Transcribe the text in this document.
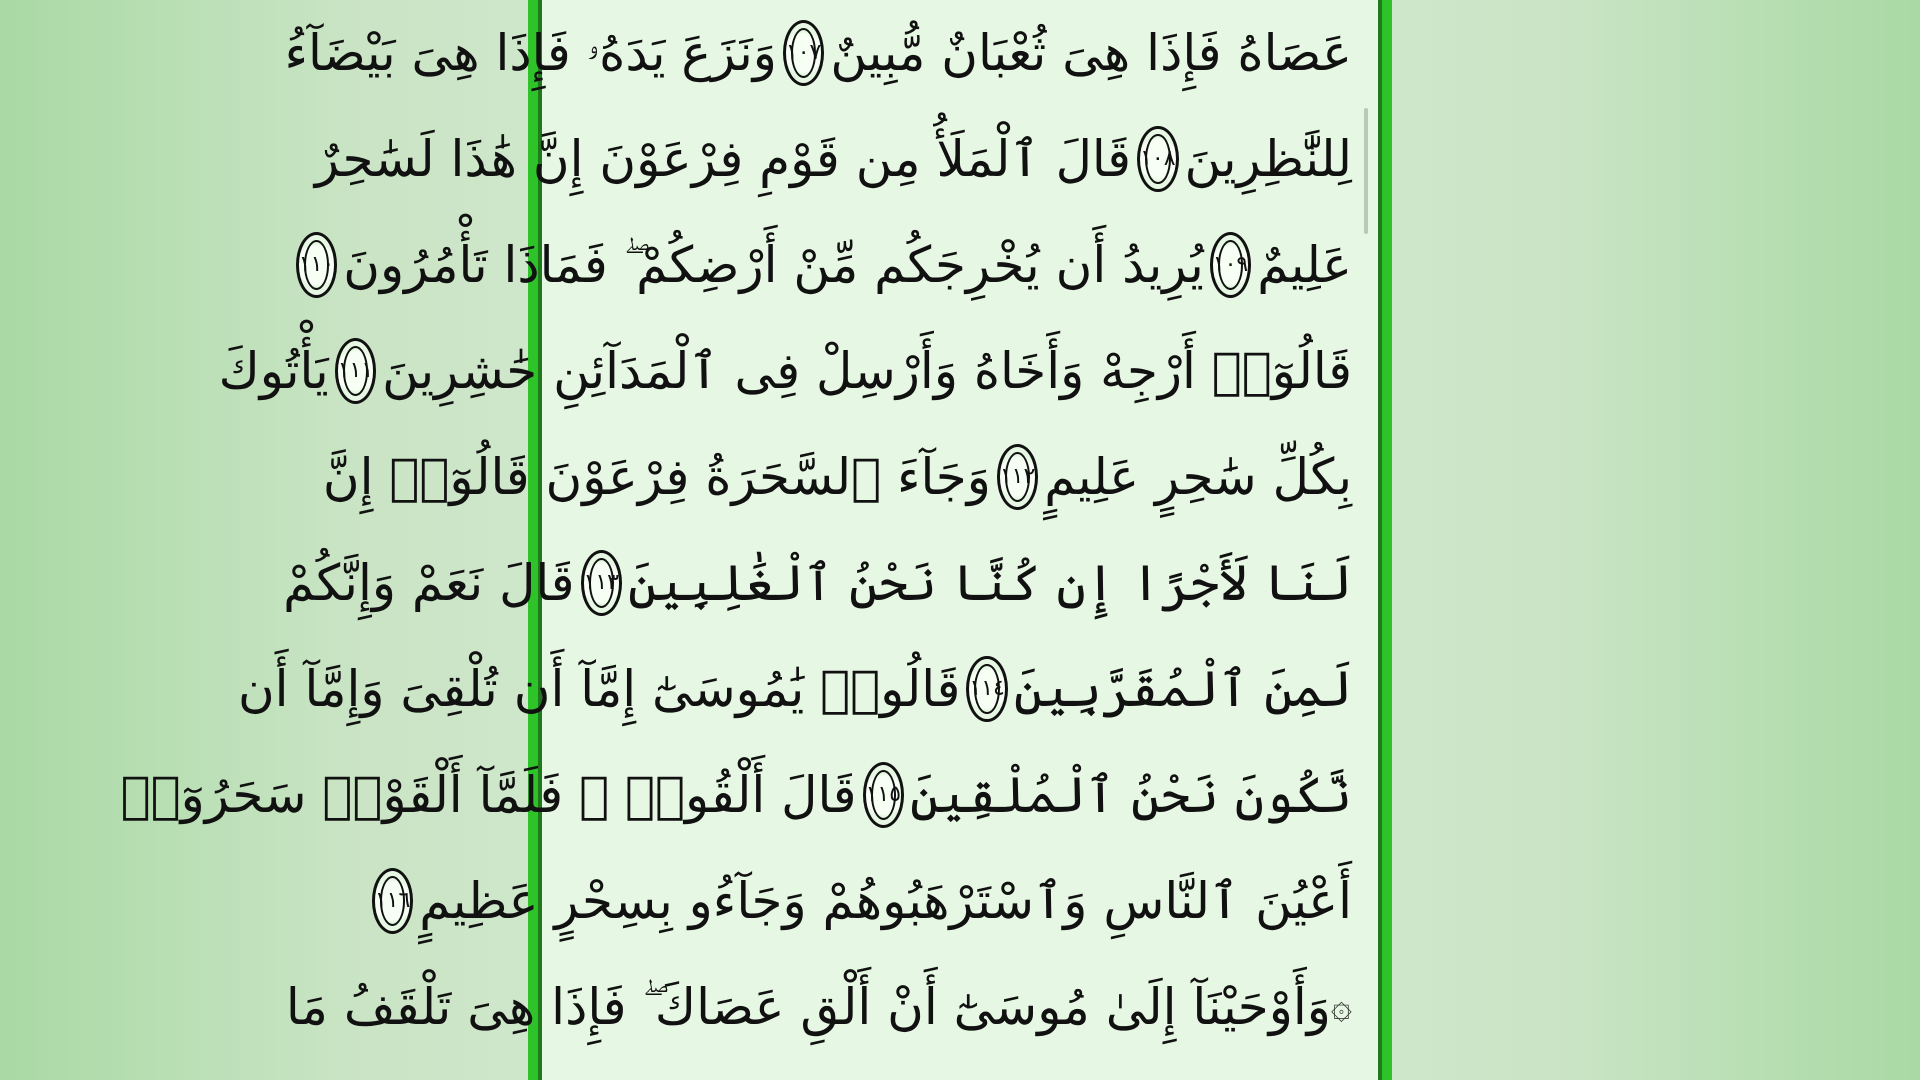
عَصَاهُ فَإِذَا هِىَ ثُعْبَانٌ مُّبِينٌ
١٠٧
وَنَزَعَ يَدَهُۥ فَإِذَا هِىَ بَيْضَآءُ
لِلنَّٰظِرِينَ
١٠٨
قَالَ ٱلْمَلَأُ مِن قَوْمِ فِرْعَوْنَ إِنَّ هَٰذَا لَسَٰحِرٌ
عَلِيمٌ
١٠٩
يُرِيدُ أَن يُخْرِجَكُم مِّنْ أَرْضِكُمْ ۖ فَمَاذَا تَأْمُرُونَ
١١٠
قَالُوٓا۟ أَرْجِهْ وَأَخَاهُ وَأَرْسِلْ فِى ٱلْمَدَآئِنِ حَٰشِرِينَ
١١١
يَأْتُوكَ
بِكُلِّ سَٰحِرٍ عَلِيمٍ
١١٢
وَجَآءَ ٱلسَّحَرَةُ فِرْعَوْنَ قَالُوٓا۟ إِنَّ
لَنَا لَأَجْرًا إِن كُنَّا نَحْنُ ٱلْغَٰلِبِينَ
١١٣
قَالَ نَعَمْ وَإِنَّكُمْ
لَمِنَ ٱلْمُقَرَّبِينَ
١١٤
قَالُوا۟ يَٰمُوسَىٰٓ إِمَّآ أَن تُلْقِىَ وَإِمَّآ أَن
نَّكُونَ نَحْنُ ٱلْمُلْقِينَ
١١٥
قَالَ أَلْقُوا۟ ۖ فَلَمَّآ أَلْقَوْا۟ سَحَرُوٓا۟
أَعْيُنَ ٱلنَّاسِ وَٱسْتَرْهَبُوهُمْ وَجَآءُو بِسِحْرٍ عَظِيمٍ
١١٦
۞
وَأَوْحَيْنَآ إِلَىٰ مُوسَىٰٓ أَنْ أَلْقِ عَصَاكَ ۖ فَإِذَا هِىَ تَلْقَفُ مَا
